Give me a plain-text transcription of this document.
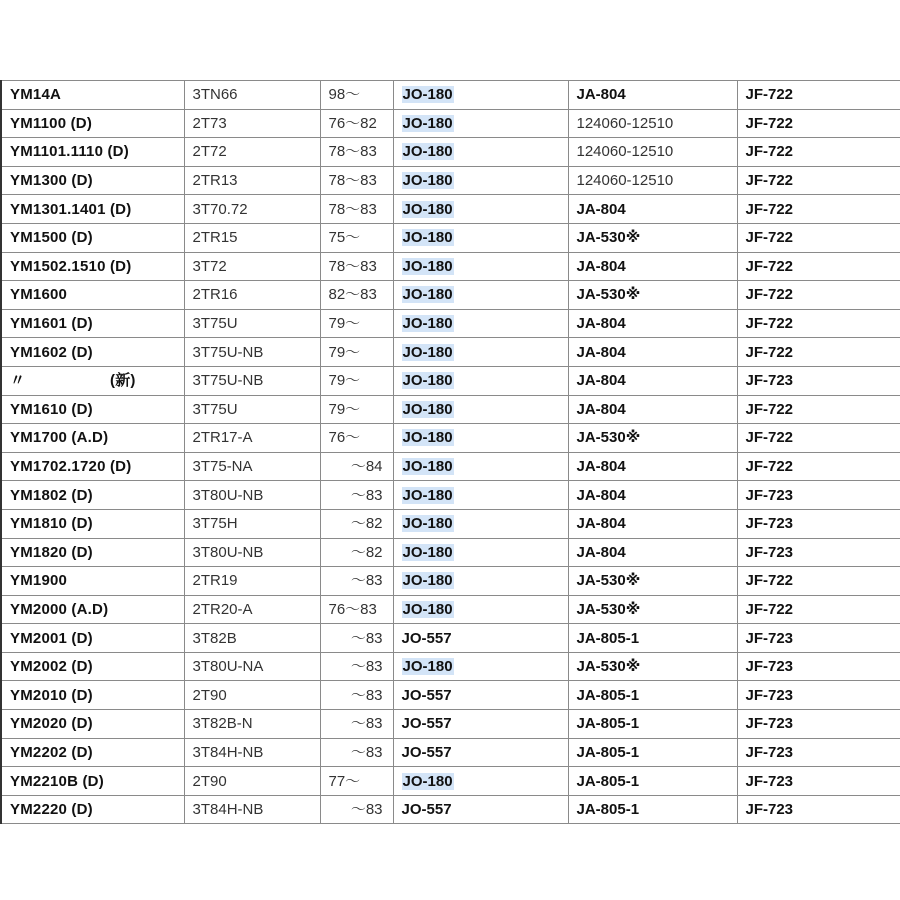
YM14A	3TN66	98～	JO-180	JA-804	JF-722
YM1100 (D)	2T73	76～82	JO-180	124060-12510	JF-722
YM1101.1110 (D)	2T72	78～83	JO-180	124060-12510	JF-722
YM1300 (D)	2TR13	78～83	JO-180	124060-12510	JF-722
YM1301.1401 (D)	3T70.72	78～83	JO-180	JA-804	JF-722
YM1500 (D)	2TR15	75～	JO-180	JA-530※	JF-722
YM1502.1510 (D)	3T72	78～83	JO-180	JA-804	JF-722
YM1600	2TR16	82～83	JO-180	JA-530※	JF-722
YM1601 (D)	3T75U	79～	JO-180	JA-804	JF-722
YM1602 (D)	3T75U-NB	79～	JO-180	JA-804	JF-722
〃 (新)	3T75U-NB	79～	JO-180	JA-804	JF-723
YM1610 (D)	3T75U	79～	JO-180	JA-804	JF-722
YM1700 (A.D)	2TR17-A	76～	JO-180	JA-530※	JF-722
YM1702.1720 (D)	3T75-NA	～84	JO-180	JA-804	JF-722
YM1802 (D)	3T80U-NB	～83	JO-180	JA-804	JF-723
YM1810 (D)	3T75H	～82	JO-180	JA-804	JF-723
YM1820 (D)	3T80U-NB	～82	JO-180	JA-804	JF-723
YM1900	2TR19	～83	JO-180	JA-530※	JF-722
YM2000 (A.D)	2TR20-A	76～83	JO-180	JA-530※	JF-722
YM2001 (D)	3T82B	～83	JO-557	JA-805-1	JF-723
YM2002 (D)	3T80U-NA	～83	JO-180	JA-530※	JF-723
YM2010 (D)	2T90	～83	JO-557	JA-805-1	JF-723
YM2020 (D)	3T82B-N	～83	JO-557	JA-805-1	JF-723
YM2202 (D)	3T84H-NB	～83	JO-557	JA-805-1	JF-723
YM2210B (D)	2T90	77～	JO-180	JA-805-1	JF-723
YM2220 (D)	3T84H-NB	～83	JO-557	JA-805-1	JF-723
